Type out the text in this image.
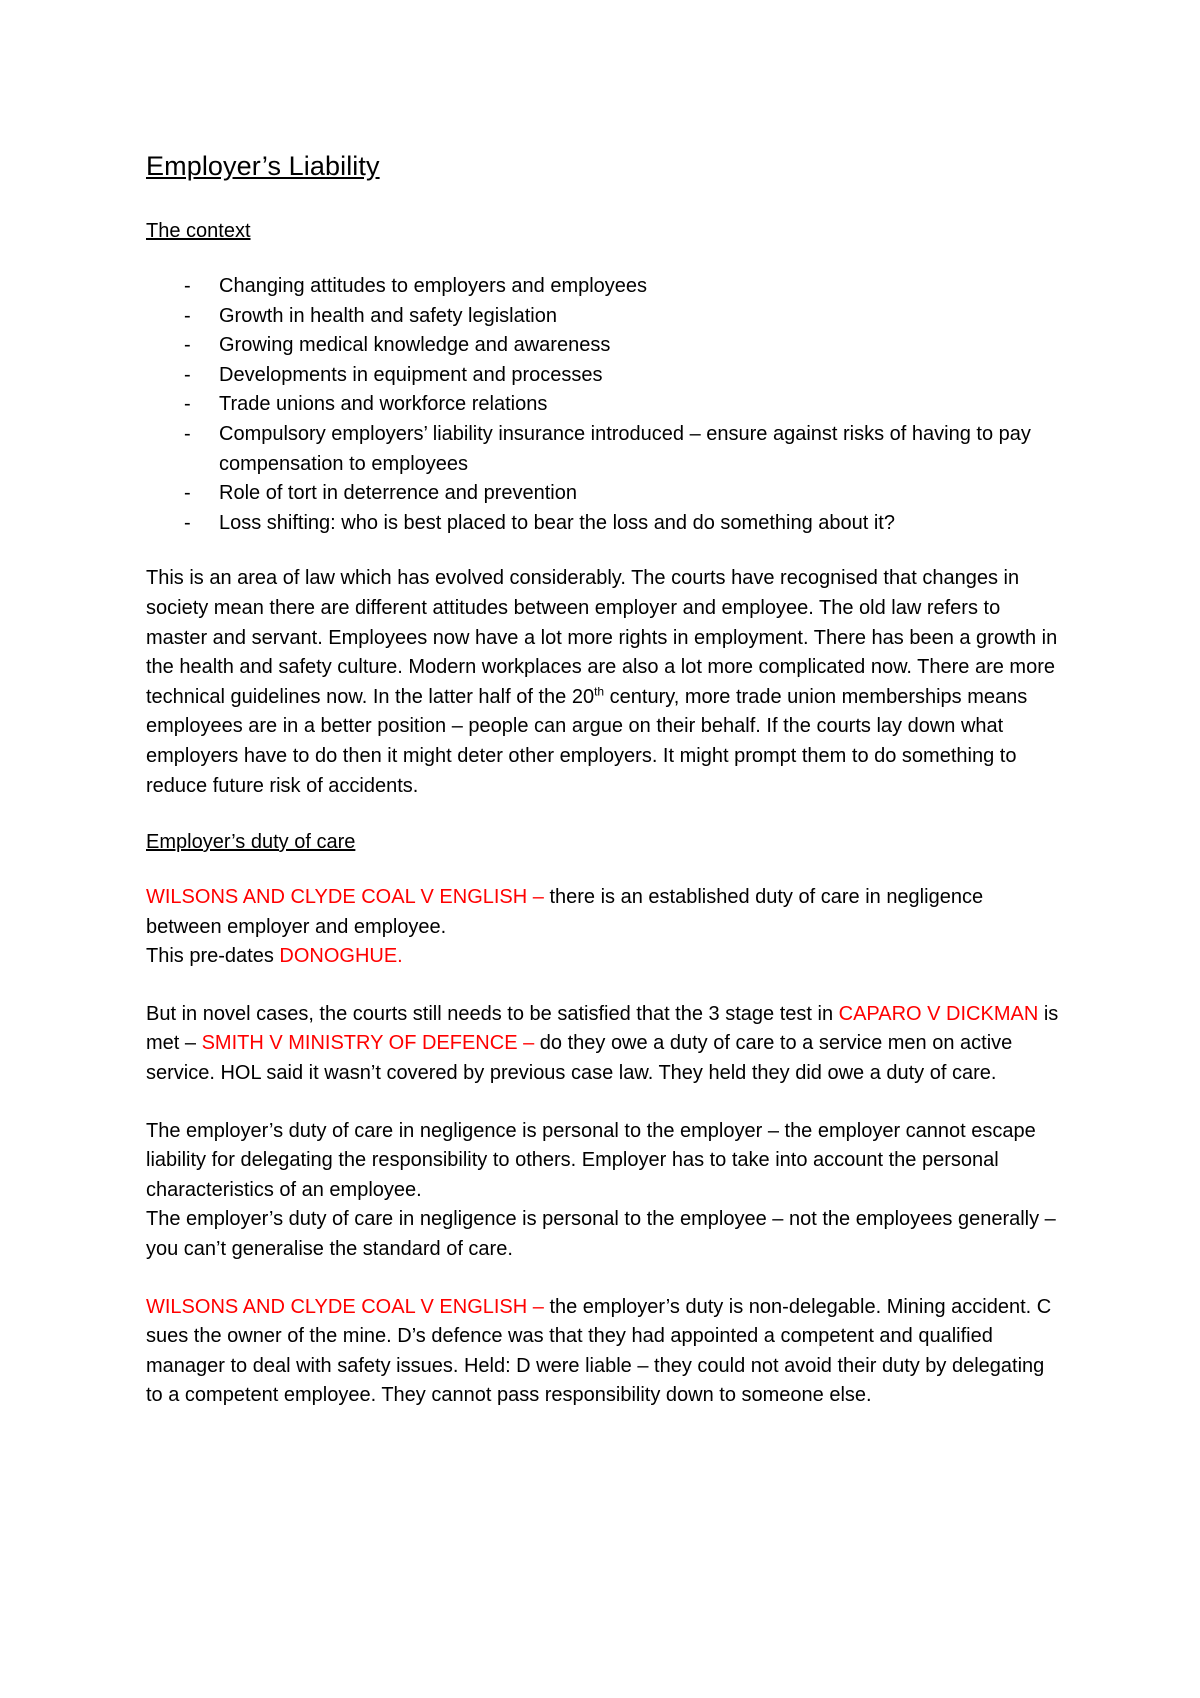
Employer’s Liability
The context
- Changing attitudes to employers and employees
- Growth in health and safety legislation
- Growing medical knowledge and awareness
- Developments in equipment and processes
- Trade unions and workforce relations
- Compulsory employers’ liability insurance introduced – ensure against risks of having to pay compensation to employees
- Role of tort in deterrence and prevention
- Loss shifting: who is best placed to bear the loss and do something about it?

This is an area of law which has evolved considerably. The courts have recognised that changes in society mean there are different attitudes between employer and employee. The old law refers to master and servant. Employees now have a lot more rights in employment. There has been a growth in the health and safety culture. Modern workplaces are also a lot more complicated now. There are more technical guidelines now. In the latter half of the 20th century, more trade union memberships means employees are in a better position – people can argue on their behalf. If the courts lay down what employers have to do then it might deter other employers. It might prompt them to do something to reduce future risk of accidents.

Employer’s duty of care

WILSONS AND CLYDE COAL V ENGLISH – there is an established duty of care in negligence between employer and employee.
This pre-dates DONOGHUE.

But in novel cases, the courts still needs to be satisfied that the 3 stage test in CAPARO V DICKMAN is met – SMITH V MINISTRY OF DEFENCE – do they owe a duty of care to a service men on active service. HOL said it wasn’t covered by previous case law. They held they did owe a duty of care.

The employer’s duty of care in negligence is personal to the employer – the employer cannot escape liability for delegating the responsibility to others. Employer has to take into account the personal characteristics of an employee.
The employer’s duty of care in negligence is personal to the employee – not the employees generally – you can’t generalise the standard of care.

WILSONS AND CLYDE COAL V ENGLISH – the employer’s duty is non-delegable. Mining accident. C sues the owner of the mine. D’s defence was that they had appointed a competent and qualified manager to deal with safety issues. Held: D were liable – they could not avoid their duty by delegating to a competent employee. They cannot pass responsibility down to someone else.
